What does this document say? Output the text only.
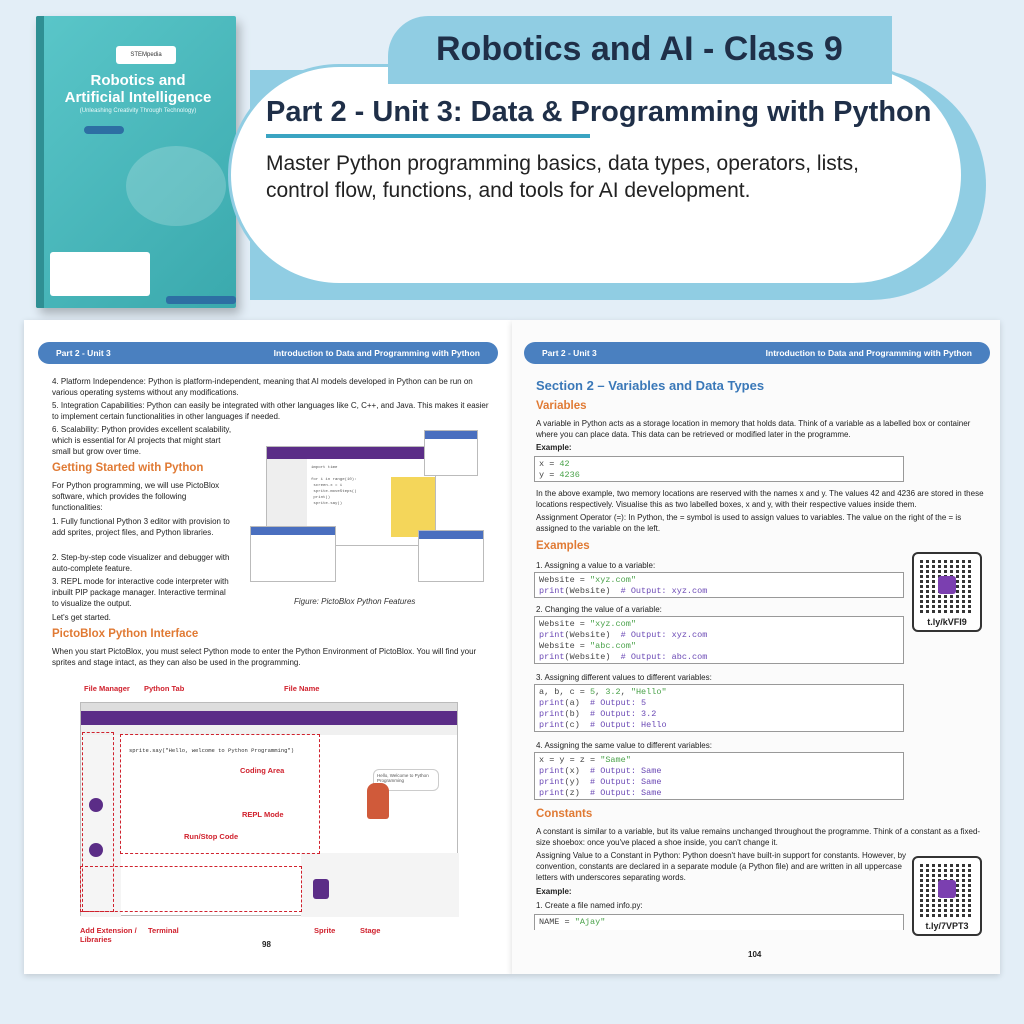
STEMpedia
Robotics and
Artificial Intelligence
(Unleashing Creativity Through Technology)
Robotics and AI - Class 9
Part 2 - Unit 3: Data & Programming with Python
Master Python programming basics, data types, operators, lists,
control flow, functions, and tools for AI development.
Part 2 - Unit 3	Introduction to Data and Programming with Python
4. Platform Independence: Python is platform-independent, meaning that AI models developed in Python can be run on various operating systems without any modifications.
5. Integration Capabilities: Python can easily be integrated with other languages like C, C++, and Java. This makes it easier to implement certain functionalities in other languages if needed.
6. Scalability: Python provides excellent scalability, which is essential for AI projects that might start small but grow over time.
Getting Started with Python
For Python programming, we will use PictoBlox software, which provides the following functionalities:
1. Fully functional Python 3 editor with provision to add sprites, project files, and Python libraries.
2. Step-by-step code visualizer and debugger with auto-complete feature.
3. REPL mode for interactive code interpreter with inbuilt PIP package manager. Interactive terminal to visualize the output.
Let's get started.
import time

for i in range(10):
screen.x = i
sprite.moveSteps()
print()
sprite.say()
Figure: PictoBlox Python Features
PictoBlox Python Interface
When you start PictoBlox, you must select Python mode to enter the Python Environment of PictoBlox. You will find your sprites and stage intact, as they can also be used in the programming.
sprite.say("Hello, welcome to Python Programming")
Hello, Welcome to Python Programming
File Manager Python Tab	File Name
Coding Area
REPL Mode
Run/Stop Code
Add Extension / Libraries
Terminal	Sprite	Stage
98
Part 2 - Unit 3	Introduction to Data and Programming with Python
Section 2 – Variables and Data Types
Variables
A variable in Python acts as a storage location in memory that holds data. Think of a variable as a labelled box or container where you can place data. This data can be retrieved or modified later in the programme.
Example:
x = 42
y = 4236
In the above example, two memory locations are reserved with the names x and y. The values 42 and 4236 are stored in these locations respectively. Visualise this as two labelled boxes, x and y, with their respective values inside them.
Assignment Operator (=): In Python, the = symbol is used to assign values to variables. The value on the right of the = is assigned to the variable on the left.
Examples
1. Assigning a value to a variable:
Website = "xyz.com"
print(Website)  # Output: xyz.com
2. Changing the value of a variable:
Website = "xyz.com"
print(Website)  # Output: xyz.com
Website = "abc.com"
print(Website)  # Output: abc.com
3. Assigning different values to different variables:
a, b, c = 5, 3.2, "Hello"
print(a)  # Output: 5
print(b)  # Output: 3.2
print(c)  # Output: Hello
4. Assigning the same value to different variables:
x = y = z = "Same"
print(x)  # Output: Same
print(y)  # Output: Same
print(z)  # Output: Same
Constants
A constant is similar to a variable, but its value remains unchanged throughout the programme. Think of a constant as a fixed-size shoebox: once you've placed a shoe inside, you can't change it.
Assigning Value to a Constant in Python: Python doesn't have built-in support for constants. However, by convention, constants are declared in a separate module (a Python file) and are written in all uppercase letters with underscores separating words.
Example:
1. Create a file named info.py:
NAME = "Ajay"
t.ly/kVFI9
t.ly/7VPT3
104
